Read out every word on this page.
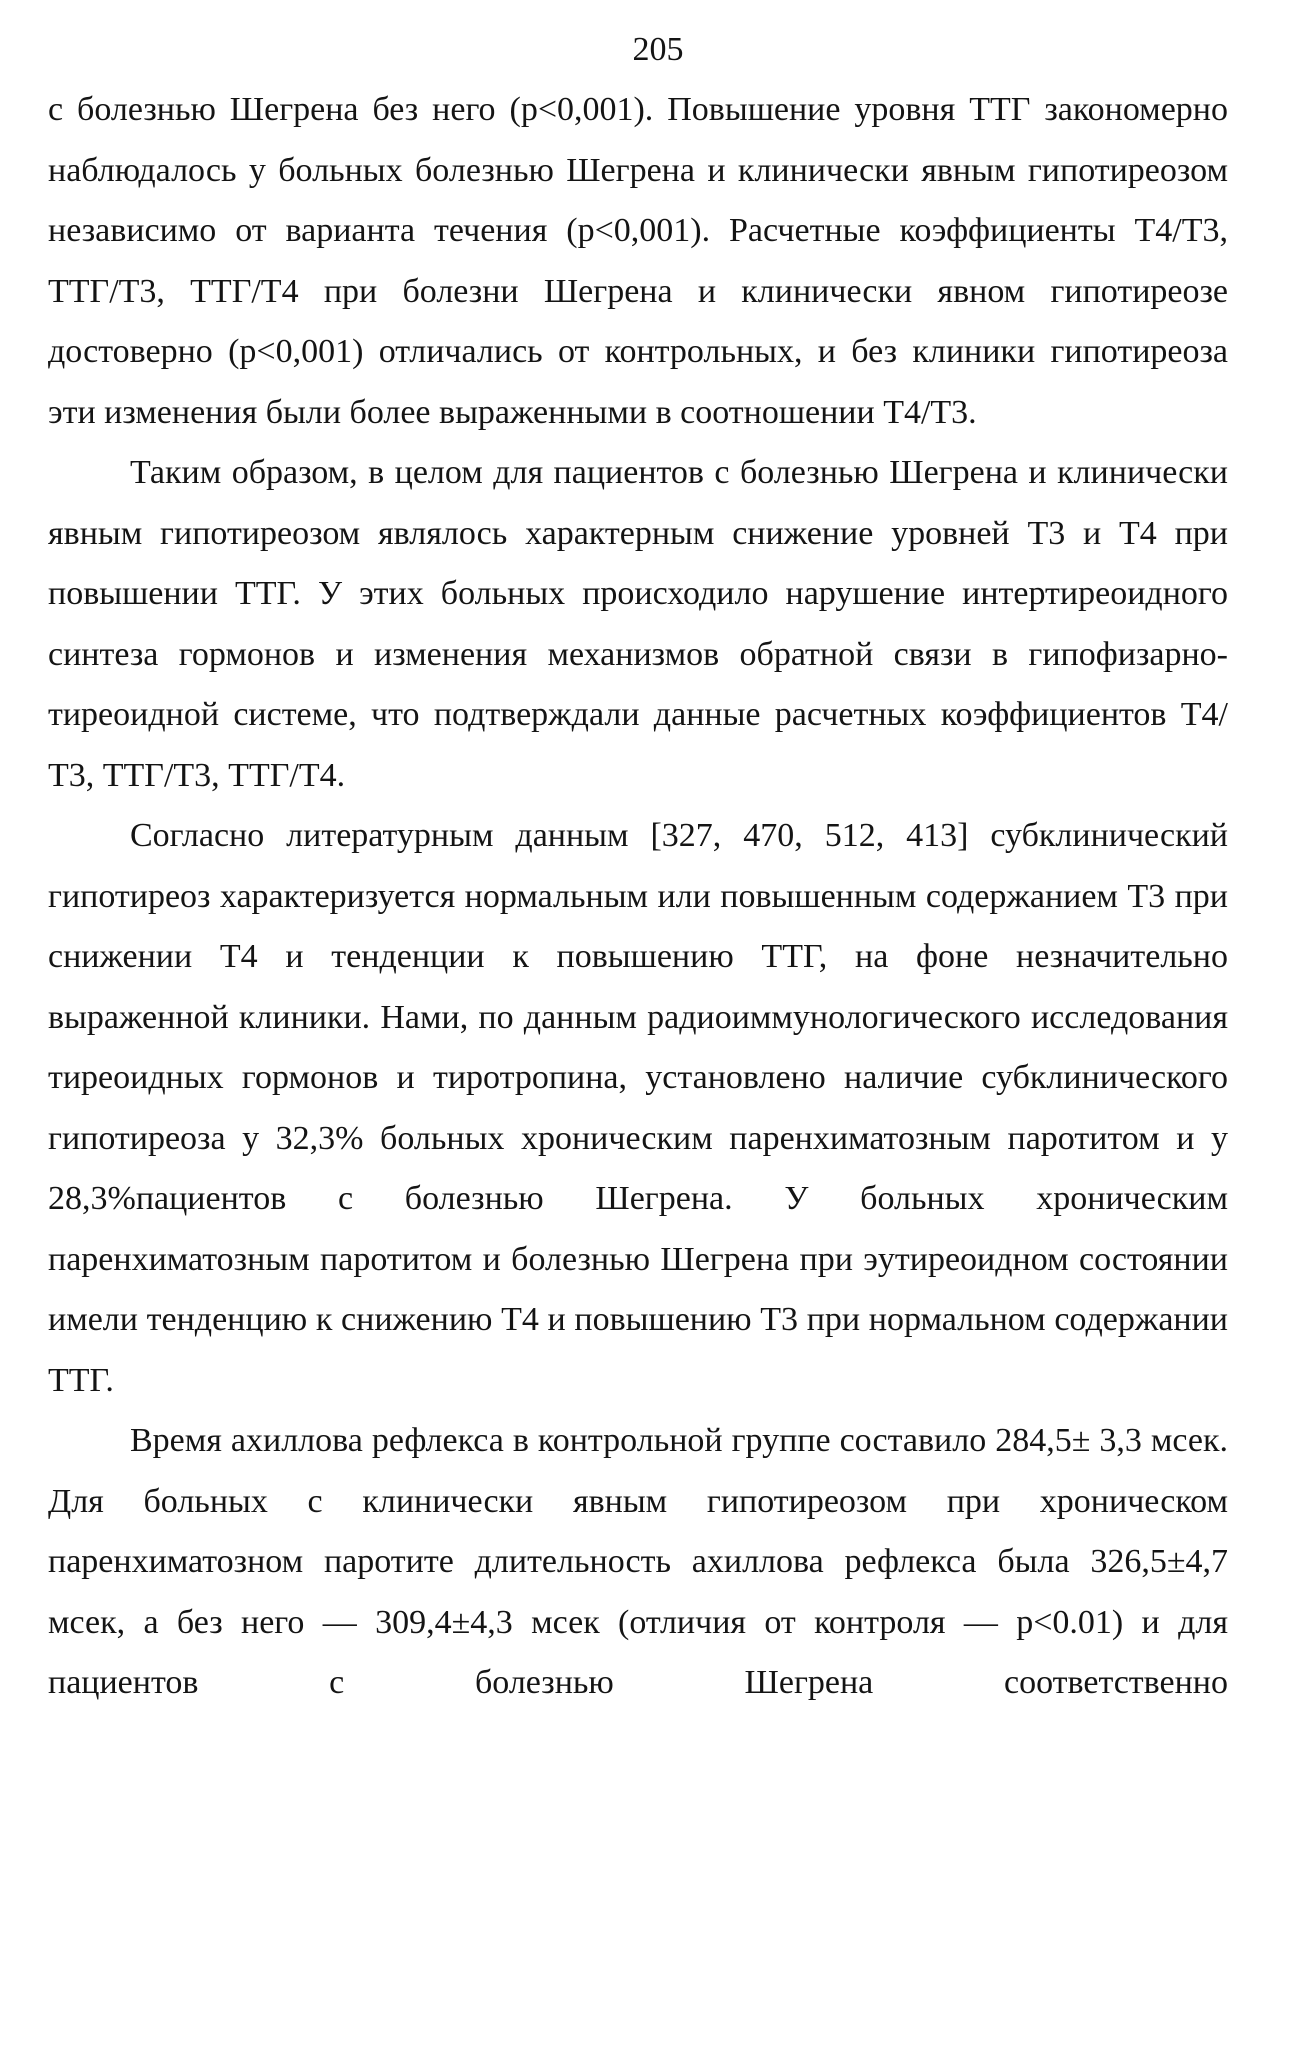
205

с болезнью Шегрена без него (p<0,001). Повышение уровня ТТГ закономерно наблюдалось у больных болезнью Шегрена и клинически явным гипотиреозом независимо от варианта течения (p<0,001). Расчетные коэффициенты Т4/Т3, ТТГ/Т3, ТТГ/Т4 при болезни Шегрена и клинически явном гипотиреозе достоверно (p<0,001) отличались от контрольных, и без клиники гипотиреоза эти изменения были более выраженными в соотношении Т4/Т3.

Таким образом, в целом для пациентов с болезнью Шегрена и клинически явным гипотиреозом являлось характерным снижение уровней Т3 и Т4 при повышении ТТГ. У этих больных происходило нарушение интертиреоидного синтеза гормонов и изменения механизмов обратной связи в гипофизарно-тиреоидной системе, что подтверждали данные расчетных коэффициентов Т4/Т3, ТТГ/Т3, ТТГ/Т4.

Согласно литературным данным [327, 470, 512, 413] субклинический гипотиреоз характеризуется нормальным или повышенным содержанием Т3 при снижении Т4 и тенденции к повышению ТТГ, на фоне незначительно выраженной клиники. Нами, по данным радиоиммунологического исследования тиреоидных гормонов и тиротропина, установлено наличие субклинического гипотиреоза у 32,3% больных хроническим паренхиматозным паротитом и у 28,3%пациентов с болезнью Шегрена. У больных хроническим паренхиматозным паротитом и болезнью Шегрена при эутиреоидном состоянии имели тенденцию к снижению Т4 и повышению Т3 при нормальном содержании ТТГ.

Время ахиллова рефлекса в контрольной группе составило 284,5± 3,3 мсек. Для больных с клинически явным гипотиреозом при хроническом паренхиматозном паротите длительность ахиллова рефлекса была 326,5±4,7 мсек, а без него — 309,4±4,3 мсек (отличия от контроля — p<0.01) и для пациентов с болезнью Шегрена соответственно
